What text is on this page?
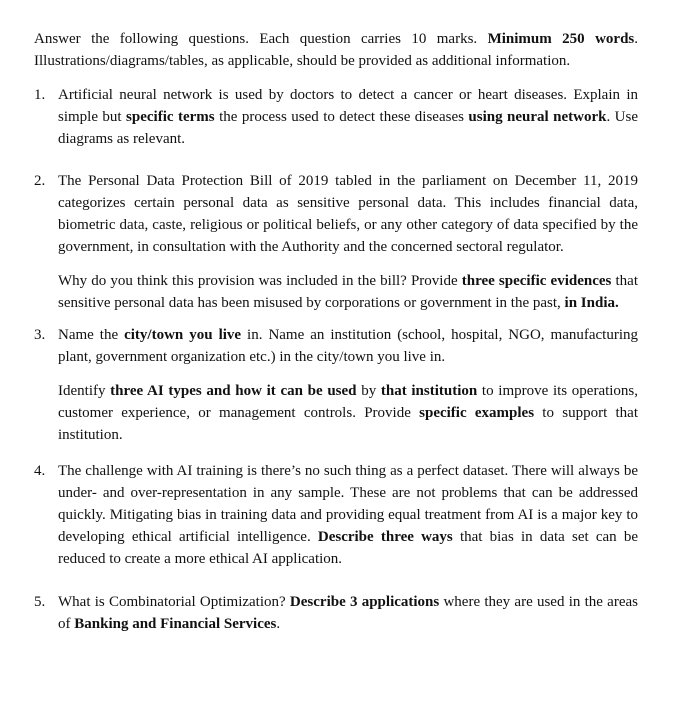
Answer the following questions. Each question carries 10 marks. Minimum 250 words. Illustrations/diagrams/tables, as applicable, should be provided as additional information.

1. Artificial neural network is used by doctors to detect a cancer or heart diseases. Explain in simple but specific terms the process used to detect these diseases using neural network. Use diagrams as relevant.

2. The Personal Data Protection Bill of 2019 tabled in the parliament on December 11, 2019 categorizes certain personal data as sensitive personal data. This includes financial data, biometric data, caste, religious or political beliefs, or any other category of data specified by the government, in consultation with the Authority and the concerned sectoral regulator.

Why do you think this provision was included in the bill? Provide three specific evidences that sensitive personal data has been misused by corporations or government in the past, in India.

3. Name the city/town you live in. Name an institution (school, hospital, NGO, manufacturing plant, government organization etc.) in the city/town you live in.

Identify three AI types and how it can be used by that institution to improve its operations, customer experience, or management controls. Provide specific examples to support that institution.

4. The challenge with AI training is there’s no such thing as a perfect dataset. There will always be under- and over-representation in any sample. These are not problems that can be addressed quickly. Mitigating bias in training data and providing equal treatment from AI is a major key to developing ethical artificial intelligence. Describe three ways that bias in data set can be reduced to create a more ethical AI application.

5. What is Combinatorial Optimization? Describe 3 applications where they are used in the areas of Banking and Financial Services.
